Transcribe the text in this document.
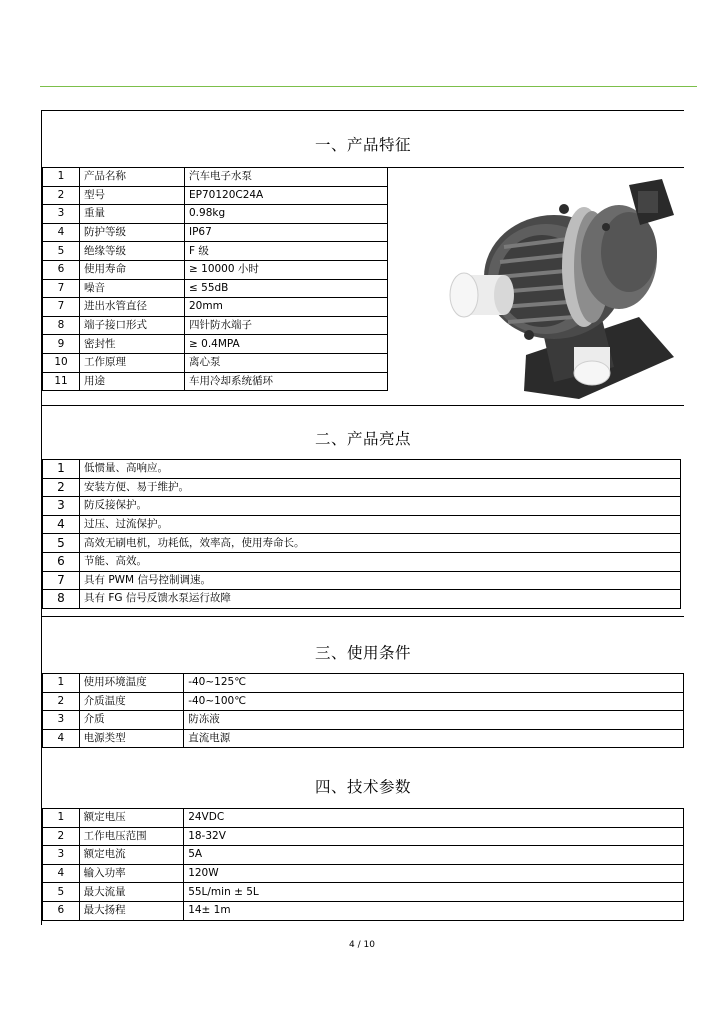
一、产品特征
1	产品名称	汽车电子水泵
2	型号	EP70120C24A
3	重量	0.98kg
4	防护等级	IP67
5	绝缘等级	F 级
6	使用寿命	≥ 10000 小时
7	噪音	≤ 55dB
7	进出水管直径	20mm
8	端子接口形式	四针防水端子
9	密封性	≥ 0.4MPA
10	工作原理	离心泵
11	用途	车用冷却系统循环
二、产品亮点
1	低惯量、高响应。
2	安装方便、易于维护。
3	防反接保护。
4	过压、过流保护。
5	高效无刷电机，功耗低，效率高，使用寿命长。
6	节能、高效。
7	具有 PWM 信号控制调速。
8	具有 FG 信号反馈水泵运行故障
三、使用条件
1	使用环境温度	-40~125℃
2	介质温度	-40~100℃
3	介质	防冻液
4	电源类型	直流电源
四、技术参数
1	额定电压	24VDC
2	工作电压范围	18-32V
3	额定电流	5A
4	输入功率	120W
5	最大流量	55L/min ± 5L
6	最大扬程	14± 1m
4 / 10
